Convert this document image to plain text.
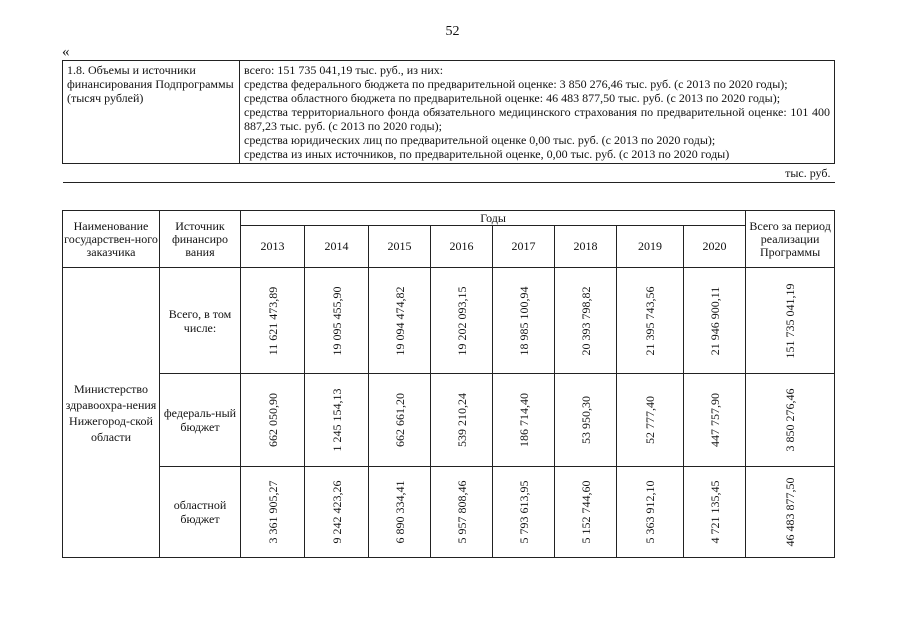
52
«
1.8. Объемы и источники финансирования Подпрограммы (тысяч рублей)	
всего: 151 735 041,19 тыс. руб., из них:
средства федерального бюджета по предварительной оценке: 3 850 276,46 тыс. руб. (с 2013 по 2020 годы);
средства областного бюджета по предварительной оценке: 46 483 877,50 тыс. руб. (с 2013 по 2020 годы);
средства территориального фонда обязательного медицинского страхования по предварительной оценке: 101 400 887,23 тыс. руб. (с 2013 по 2020 годы);
средства юридических лиц по предварительной оценке 0,00 тыс. руб. (с 2013 по 2020 годы);
средства из иных источников, по предварительной оценке, 0,00 тыс. руб. (с 2013 по 2020 годы)

тыс. руб.
Наименование государствен-ного заказчика	Источник финансиро вания	Годы								Всего за период реализации Программы
		2013	2014	2015	2016	2017	2018	2019	2020	
Министерство здравоохра-нения Нижегород-ской области	Всего, в том числе:	11 621 473,89	19 095 455,90	19 094 474,82	19 202 093,15	18 985 100,94	20 393 798,82	21 395 743,56	21 946 900,11	151 735 041,19

	федераль-ный бюджет	662 050,90	1 245 154,13	662 661,20	539 210,24	186 714,40	53 950,30	52 777,40	447 757,90	3 850 276,46

	областной бюджет	3 361 905,27	9 242 423,26	6 890 334,41	5 957 808,46	5 793 613,95	5 152 744,60	5 363 912,10	4 721 135,45	46 483 877,50
